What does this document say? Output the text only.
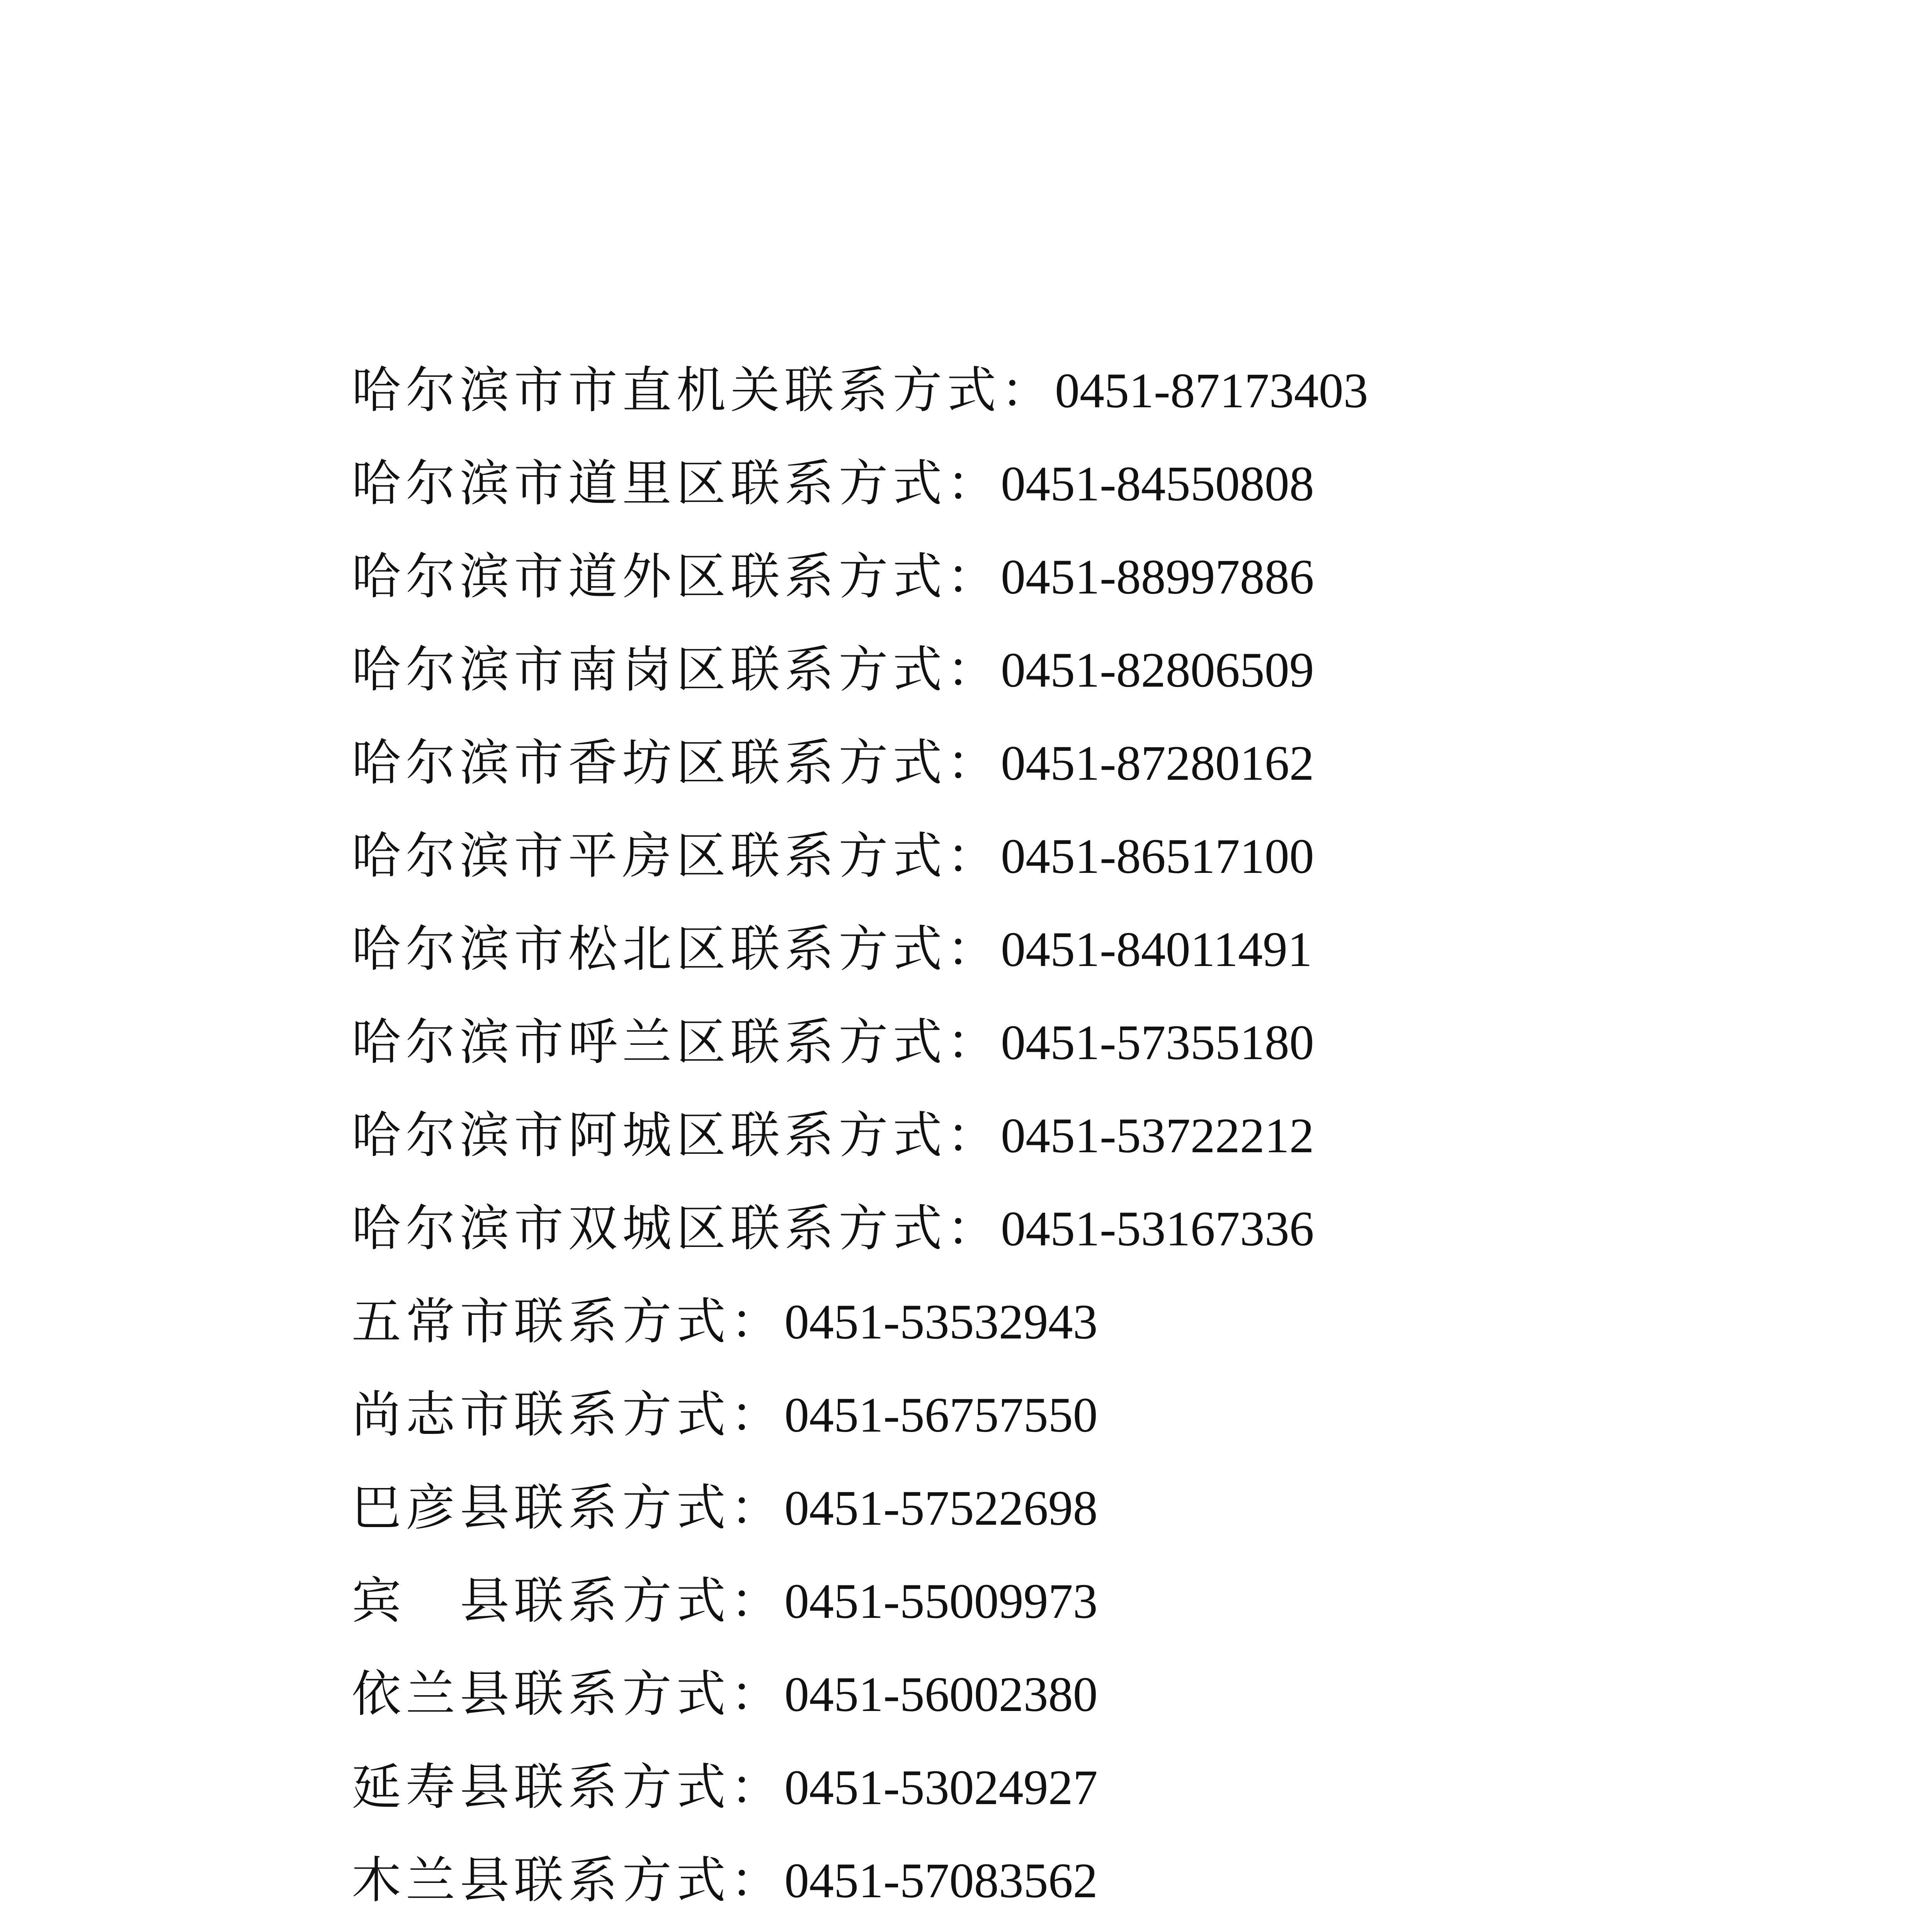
哈尔滨市市直机关联系方式：0451-87173403
哈尔滨市道里区联系方式：0451-84550808
哈尔滨市道外区联系方式：0451-88997886
哈尔滨市南岗区联系方式：0451-82806509
哈尔滨市香坊区联系方式：0451-87280162
哈尔滨市平房区联系方式：0451-86517100
哈尔滨市松北区联系方式：0451-84011491
哈尔滨市呼兰区联系方式：0451-57355180
哈尔滨市阿城区联系方式：0451-53722212
哈尔滨市双城区联系方式：0451-53167336
五常市联系方式：0451-53532943
尚志市联系方式：0451-56757550
巴彦县联系方式：0451-57522698
宾　县联系方式：0451-55009973
依兰县联系方式：0451-56002380
延寿县联系方式：0451-53024927
木兰县联系方式：0451-57083562
